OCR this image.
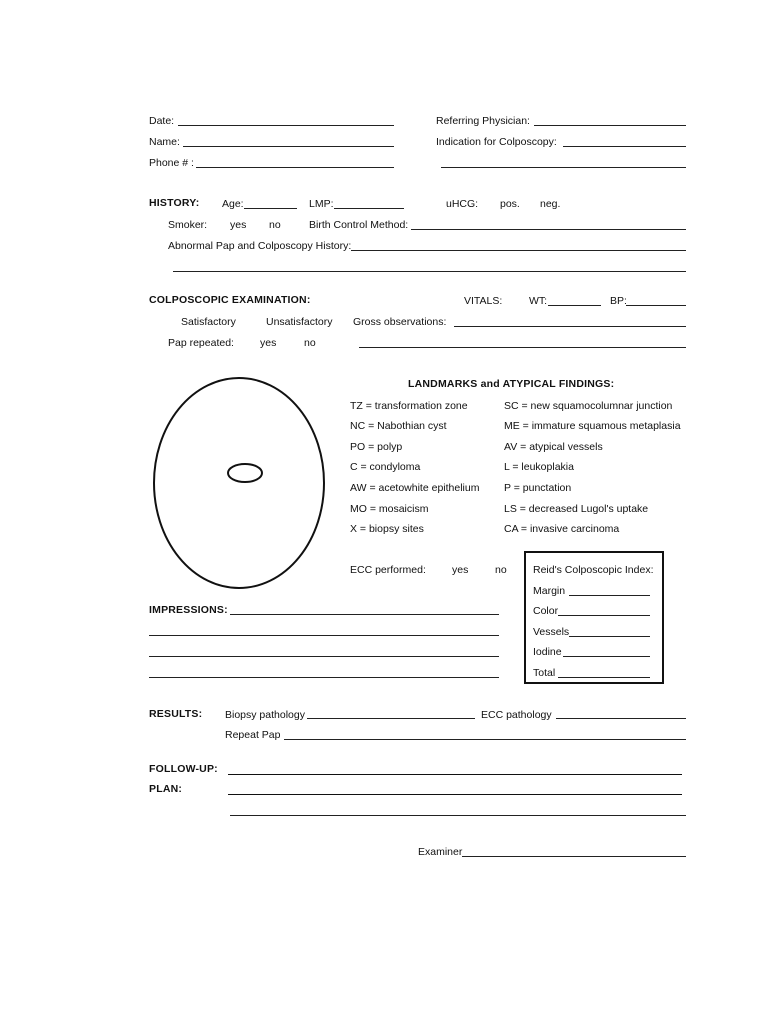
Date:
Name:
Phone # :
Referring Physician:
Indication for Colposcopy:
HISTORY: Age:	LMP:	uHCG: pos. neg.
Smoker: yes no	Birth Control Method:
Abnormal Pap and Colposcopy History:
COLPOSCOPIC EXAMINATION:	VITALS:	WT:	BP:
Satisfactory	Unsatisfactory Gross observations:
Pap repeated: yes	no
LANDMARKS and ATYPICAL FINDINGS:
TZ = transformation zone
NC = Nabothian cyst
PO = polyp
C = condyloma
AW = acetowhite epithelium
MO = mosaicism
X = biopsy sites
SC = new squamocolumnar junction
ME = immature squamous metaplasia
AV = atypical vessels
L = leukoplakia
P = punctation
LS = decreased Lugol's uptake
CA = invasive carcinoma
ECC performed: yes	no	Reid's Colposcopic Index:
Margin
Color
Vessels
Iodine
Total
IMPRESSIONS:
RESULTS: Biopsy pathology	ECC pathology
Repeat Pap
FOLLOW-UP:
PLAN:
Examiner
